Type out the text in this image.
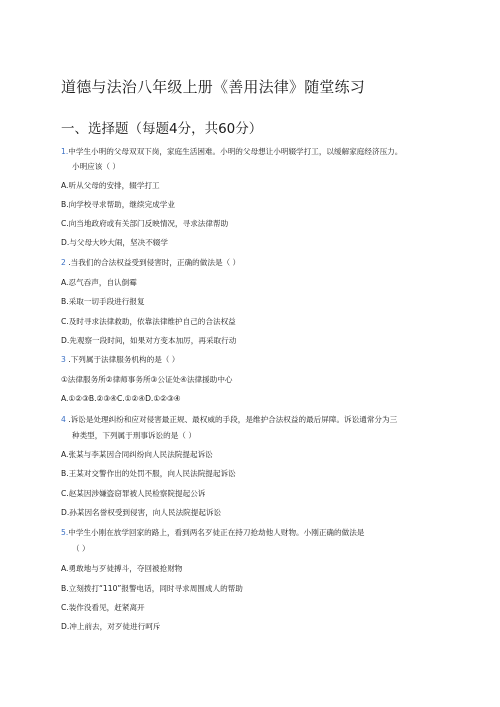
道德与法治八年级上册《善用法律》随堂练习
一、选择题（每题4分，共60分）
1.中学生小明的父母双双下岗，家庭生活困难。小明的父母想让小明辍学打工，以缓解家庭经济压力。
小明应该（ ）
A.听从父母的安排，辍学打工
B.向学校寻求帮助，继续完成学业
C.向当地政府或有关部门反映情况，寻求法律帮助
D.与父母大吵大闹，坚决不辍学
2 .当我们的合法权益受到侵害时，正确的做法是（ ）
A.忍气吞声，自认倒霉
B.采取一切手段进行报复
C.及时寻求法律救助，依靠法律维护自己的合法权益
D.先观察一段时间，如果对方变本加厉，再采取行动
3 .下列属于法律服务机构的是（ ）
①法律服务所②律师事务所③公证处④法律援助中心
A.①②③B.②③④C.①②④D.①②③④
4 .诉讼是处理纠纷和应对侵害最正规、最权威的手段，是维护合法权益的最后屏障。诉讼通常分为三
种类型，下列属于刑事诉讼的是（ ）
A.张某与李某因合同纠纷向人民法院提起诉讼
B.王某对交警作出的处罚不服，向人民法院提起诉讼
C.赵某因涉嫌盗窃罪被人民检察院提起公诉
D.孙某因名誉权受到侵害，向人民法院提起诉讼
5.中学生小刚在放学回家的路上，看到两名歹徒正在持刀抢劫他人财物。小刚正确的做法是
（ ）
A.勇敢地与歹徒搏斗，夺回被抢财物
B.立刻拨打“110”报警电话，同时寻求周围成人的帮助
C.装作没看见，赶紧离开
D.冲上前去，对歹徒进行呵斥
